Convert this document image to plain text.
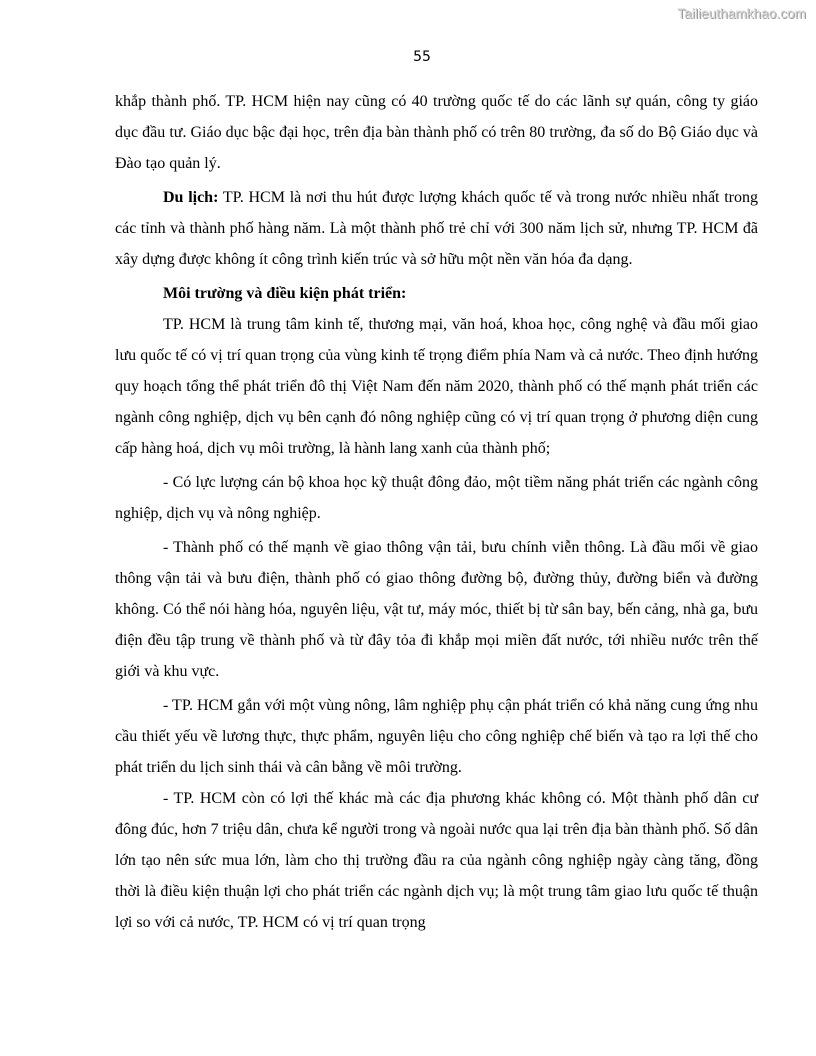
Tailieuthamkhao.com
55

khắp thành phố. TP. HCM hiện nay cũng có 40 trường quốc tế do các lãnh sự quán, công ty giáo dục đầu tư. Giáo dục bậc đại học, trên địa bàn thành phố có trên 80 trường, đa số do Bộ Giáo dục và Đào tạo quản lý.

Du lịch: TP. HCM là nơi thu hút được lượng khách quốc tế và trong nước nhiều nhất trong các tỉnh và thành phố hàng năm. Là một thành phố trẻ chỉ với 300 năm lịch sử, nhưng TP. HCM đã xây dựng được không ít công trình kiến trúc và sở hữu một nền văn hóa đa dạng.

Môi trường và điều kiện phát triển:

TP. HCM là trung tâm kinh tế, thương mại, văn hoá, khoa học, công nghệ và đầu mối giao lưu quốc tế có vị trí quan trọng của vùng kinh tế trọng điểm phía Nam và cả nước. Theo định hướng quy hoạch tổng thể phát triển đô thị Việt Nam đến năm 2020, thành phố có thế mạnh phát triển các ngành công nghiệp, dịch vụ bên cạnh đó nông nghiệp cũng có vị trí quan trọng ở phương diện cung cấp hàng hoá, dịch vụ môi trường, là hành lang xanh của thành phố;

- Có lực lượng cán bộ khoa học kỹ thuật đông đảo, một tiềm năng phát triển các ngành công nghiệp, dịch vụ và nông nghiệp.

- Thành phố có thế mạnh về giao thông vận tải, bưu chính viễn thông. Là đầu mối về giao thông vận tải và bưu điện, thành phố có giao thông đường bộ, đường thủy, đường biển và đường không. Có thể nói hàng hóa, nguyên liệu, vật tư, máy móc, thiết bị từ sân bay, bến cảng, nhà ga, bưu điện đều tập trung về thành phố và từ đây tỏa đi khắp mọi miền đất nước, tới nhiều nước trên thế giới và khu vực.

- TP. HCM gắn với một vùng nông, lâm nghiệp phụ cận phát triển có khả năng cung ứng nhu cầu thiết yếu về lương thực, thực phẩm, nguyên liệu cho công nghiệp chế biến và tạo ra lợi thế cho phát triển du lịch sinh thái và cân bằng về môi trường.

- TP. HCM còn có lợi thế khác mà các địa phương khác không có. Một thành phố dân cư đông đúc, hơn 7 triệu dân, chưa kể người trong và ngoài nước qua lại trên địa bàn thành phố. Số dân lớn tạo nên sức mua lớn, làm cho thị trường đầu ra của ngành công nghiệp ngày càng tăng, đồng thời là điều kiện thuận lợi cho phát triển các ngành dịch vụ; là một trung tâm giao lưu quốc tế thuận lợi so với cả nước, TP. HCM có vị trí quan trọng
